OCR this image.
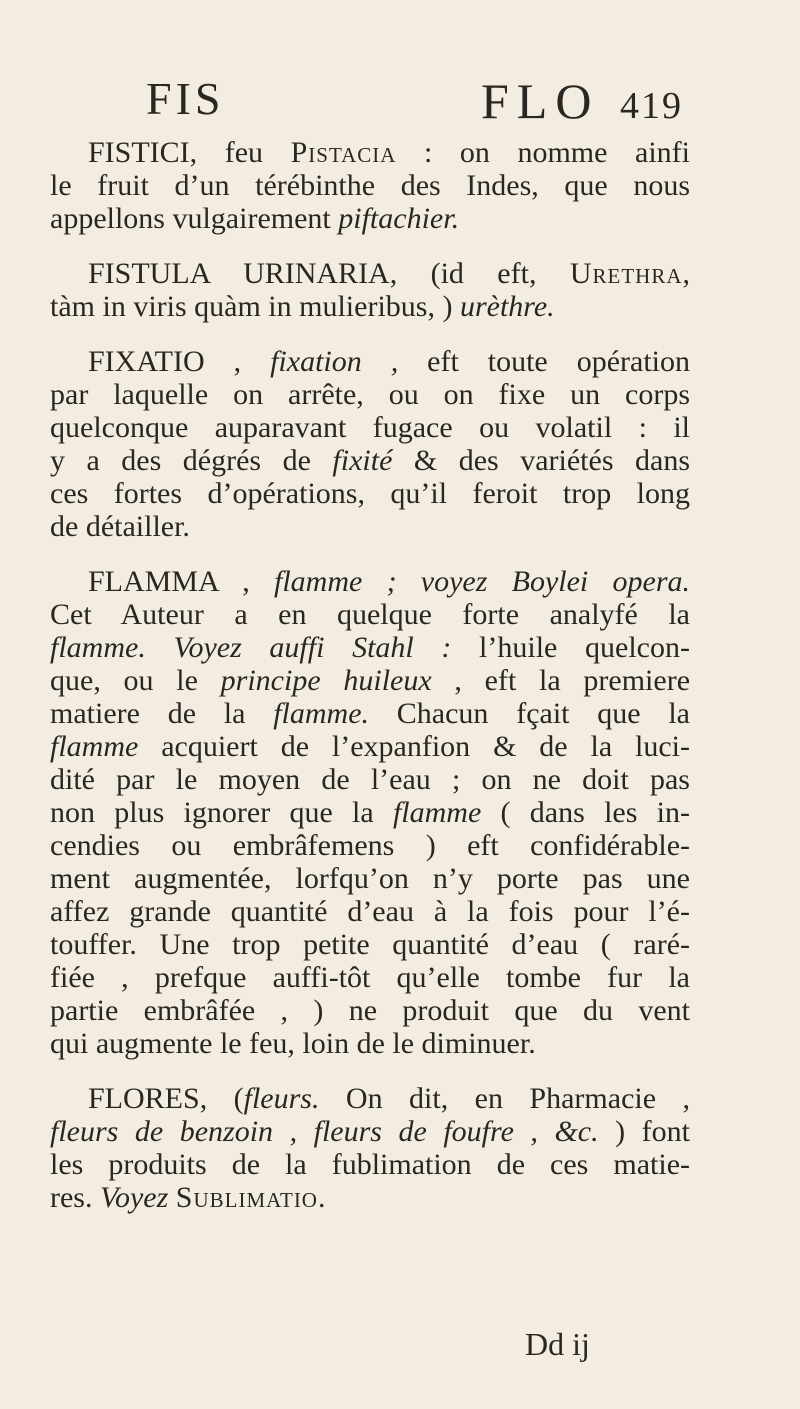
FIS	FLO 419
FISTICI, feu Pistacia : on nomme ainfi
le fruit d’un térébinthe des Indes, que nous
appellons vulgairement piftachier.
FISTULA URINARIA, (id eft, Urethra,
tàm in viris quàm in mulieribus, ) urèthre.
FIXATIO , fixation , eft toute opération
par laquelle on arrête, ou on fixe un corps
quelconque auparavant fugace ou volatil : il
y a des dégrés de fixité & des variétés dans
ces fortes d’opérations, qu’il feroit trop long
de détailler.
FLAMMA , flamme ; voyez Boylei opera.
Cet Auteur a en quelque forte analyfé la
flamme. Voyez auffi Stahl : l’huile quelcon-
que, ou le principe huileux , eft la premiere
matiere de la flamme. Chacun fçait que la
flamme acquiert de l’expanfion & de la luci-
dité par le moyen de l’eau ; on ne doit pas
non plus ignorer que la flamme ( dans les in-
cendies ou embrâfemens ) eft confidérable-
ment augmentée, lorfqu’on n’y porte pas une
affez grande quantité d’eau à la fois pour l’é-
touffer. Une trop petite quantité d’eau ( raré-
fiée , prefque auffi-tôt qu’elle tombe fur la
partie embrâfée , ) ne produit que du vent
qui augmente le feu, loin de le diminuer.
FLORES, (fleurs. On dit, en Pharmacie ,
fleurs de benzoin , fleurs de foufre , &c. ) font
les produits de la fublimation de ces matie-
res. Voyez Sublimatio.
Dd ij
